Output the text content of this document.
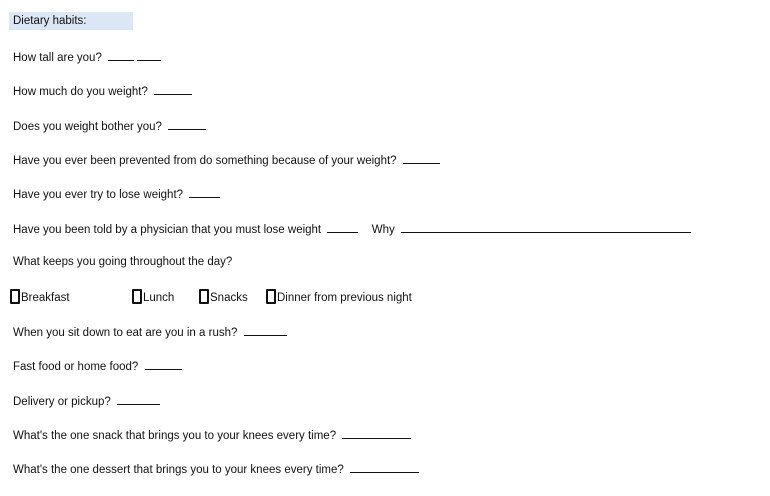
Dietary habits:
How tall are you?
How much do you weight?
Does you weight bother you?
Have you ever been prevented from do something because of your weight?
Have you ever try to lose weight?
Have you been told by a physician that you must lose weight	Why
What keeps you going throughout the day?
Breakfast	Lunch	Snacks	Dinner from previous night
When you sit down to eat are you in a rush?
Fast food or home food?
Delivery or pickup?
What's the one snack that brings you to your knees every time?
What's the one dessert that brings you to your knees every time?
